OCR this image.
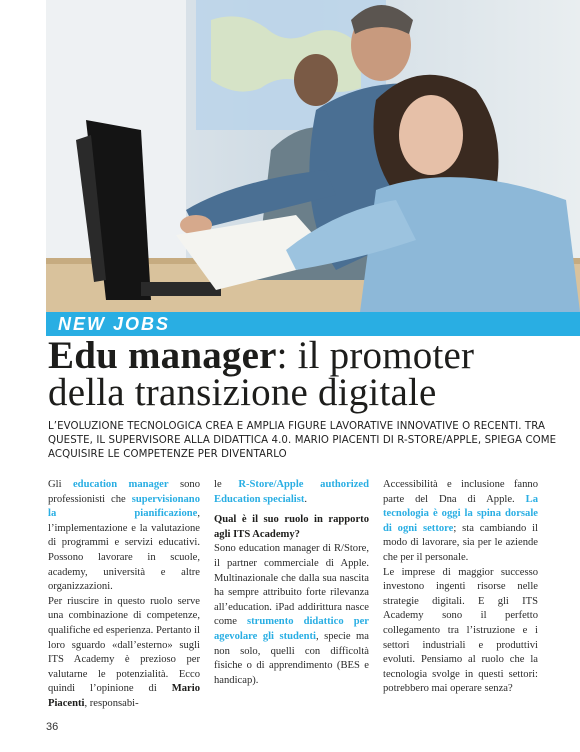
NEW JOBS
Edu manager: il promoter
della transizione digitale

L’EVOLUZIONE TECNOLOGICA CREA E AMPLIA FIGURE LAVORATIVE INNOVATIVE O RECENTI. TRA QUESTE, IL SUPERVISORE ALLA DIDATTICA 4.0. MARIO PIACENTI DI R-STORE/APPLE, SPIEGA COME ACQUISIRE LE COMPETENZE PER DIVENTARLO

Gli education manager sono professionisti che supervisionano la pianificazione, l’implementazione e la valutazione di programmi e servizi educativi. Possono lavorare in scuole, academy, università e altre organizzazioni.

Per riuscire in questo ruolo serve una combinazione di competenze, qualifiche ed esperienza. Pertanto il loro sguardo «dall’esterno» sugli ITS Academy è prezioso per valutarne le potenzialità. Ecco quindi l’opinione di Mario Piacenti, responsabi-

le R-Store/Apple authorized Education specialist.

Qual è il suo ruolo in rapporto agli ITS Academy?

Sono education manager di R/Store, il partner commerciale di Apple. Multinazionale che dalla sua nascita ha sempre attribuito forte rilevanza all’education. iPad addirittura nasce come strumento didattico per agevolare gli studenti, specie ma non solo, quelli con difficoltà fisiche o di apprendimento (BES e handicap).

Accessibilità e inclusione fanno parte del Dna di Apple. La tecnologia è oggi la spina dorsale di ogni settore; sta cambiando il modo di lavorare, sia per le aziende che per il personale.

Le imprese di maggior successo investono ingenti risorse nelle strategie digitali. E gli ITS Academy sono il perfetto collegamento tra l’istruzione e i settori industriali e produttivi evoluti. Pensiamo al ruolo che la tecnologia svolge in questi settori: potrebbero mai operare senza?

36
